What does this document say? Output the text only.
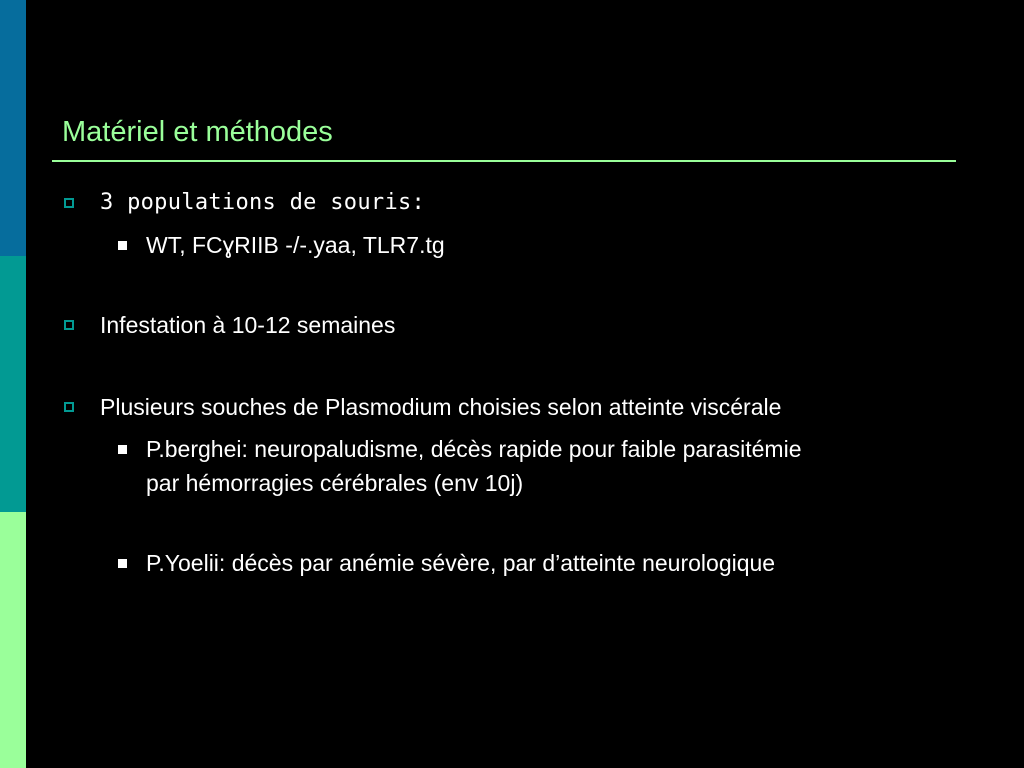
Matériel et méthodes
3 populations de souris:
WT, FCɣRIIB -/-.yaa, TLR7.tg
Infestation à 10-12 semaines
Plusieurs souches de Plasmodium choisies selon atteinte viscérale
P.berghei: neuropaludisme, décès rapide pour faible parasitémie
par hémorragies cérébrales (env 10j)
P.Yoelii: décès par anémie sévère, par d’atteinte neurologique
